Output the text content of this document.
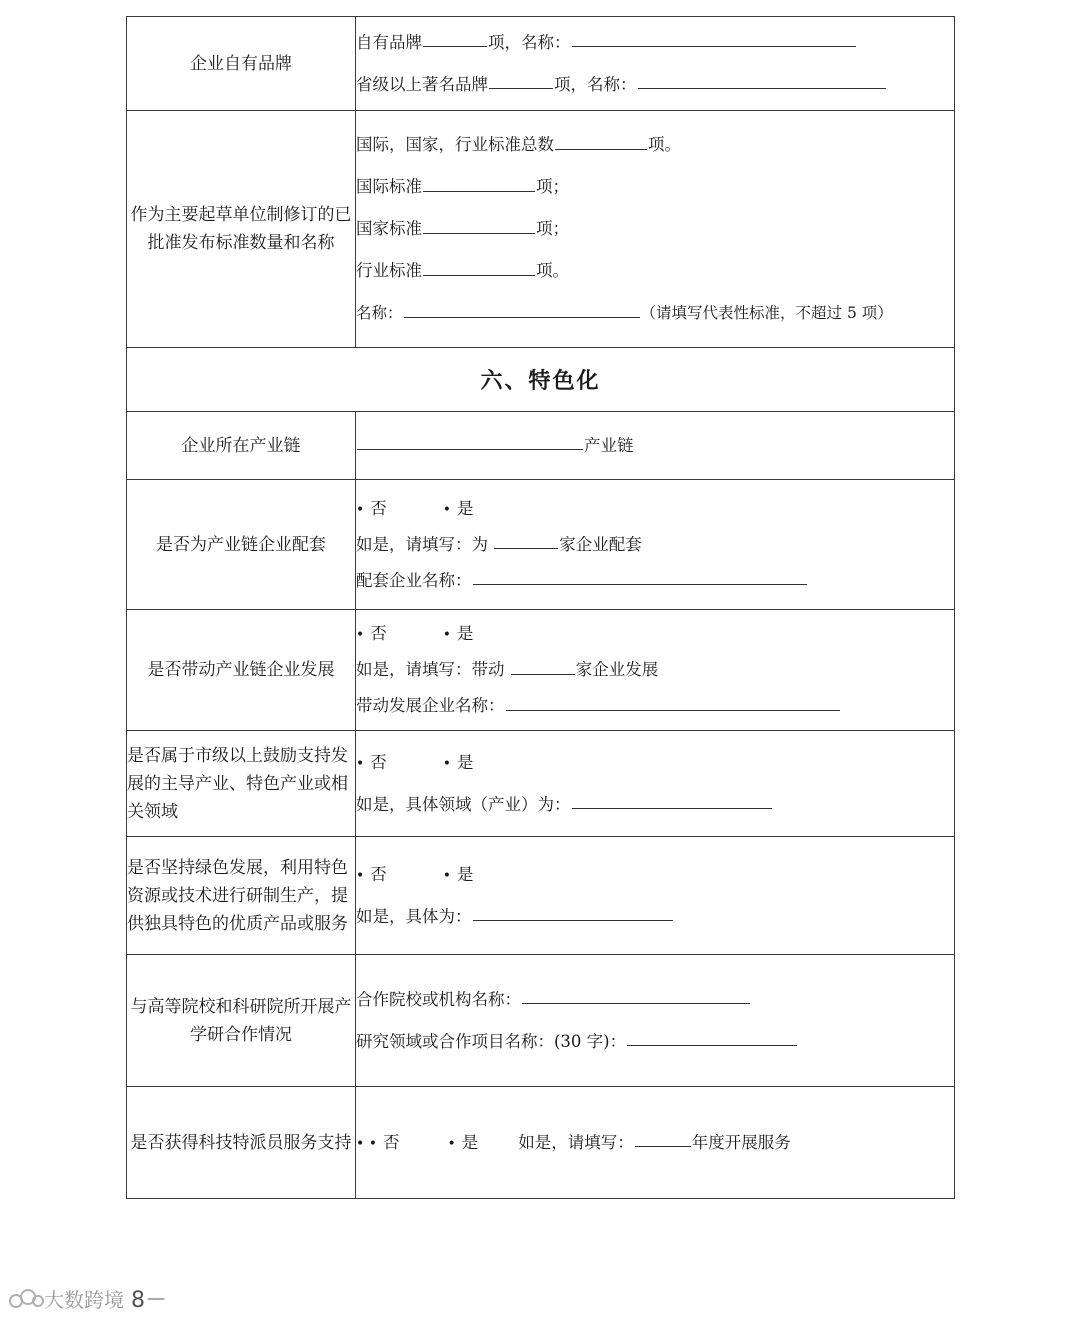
企业自有品牌	自有品牌 项，名称：
省级以上著名品牌 项，名称：

作为主要起草单位制修订的已批准发布标准数量和名称	国际，国家，行业标准总数 项。
国际标准 项；
国家标准 项；
行业标准 项。
名称： （请填写代表性标准，不超过 5 项）

六、特色化	
企业所在产业链	产业链

是否为产业链企业配套	• 否 • 是
如是，请填写：为 家企业配套
配套企业名称：

是否带动产业链企业发展	• 否 • 是
如是，请填写：带动 家企业发展
带动发展企业名称：

是否属于市级以上鼓励支持发展的主导产业、特色产业或相关领域	• 否 • 是
如是，具体领域（产业）为：

是否坚持绿色发展，利用特色资源或技术进行研制生产，提供独具特色的优质产品或服务	• 否 • 是
如是，具体为：

与高等院校和科研院所开展产学研合作情况	合作院校或机构名称：
研究领域或合作项目名称：(30 字)：

是否获得科技特派员服务支持	• • 否 • 是 如是，请填写： 年度开展服务
大数跨境 8－
